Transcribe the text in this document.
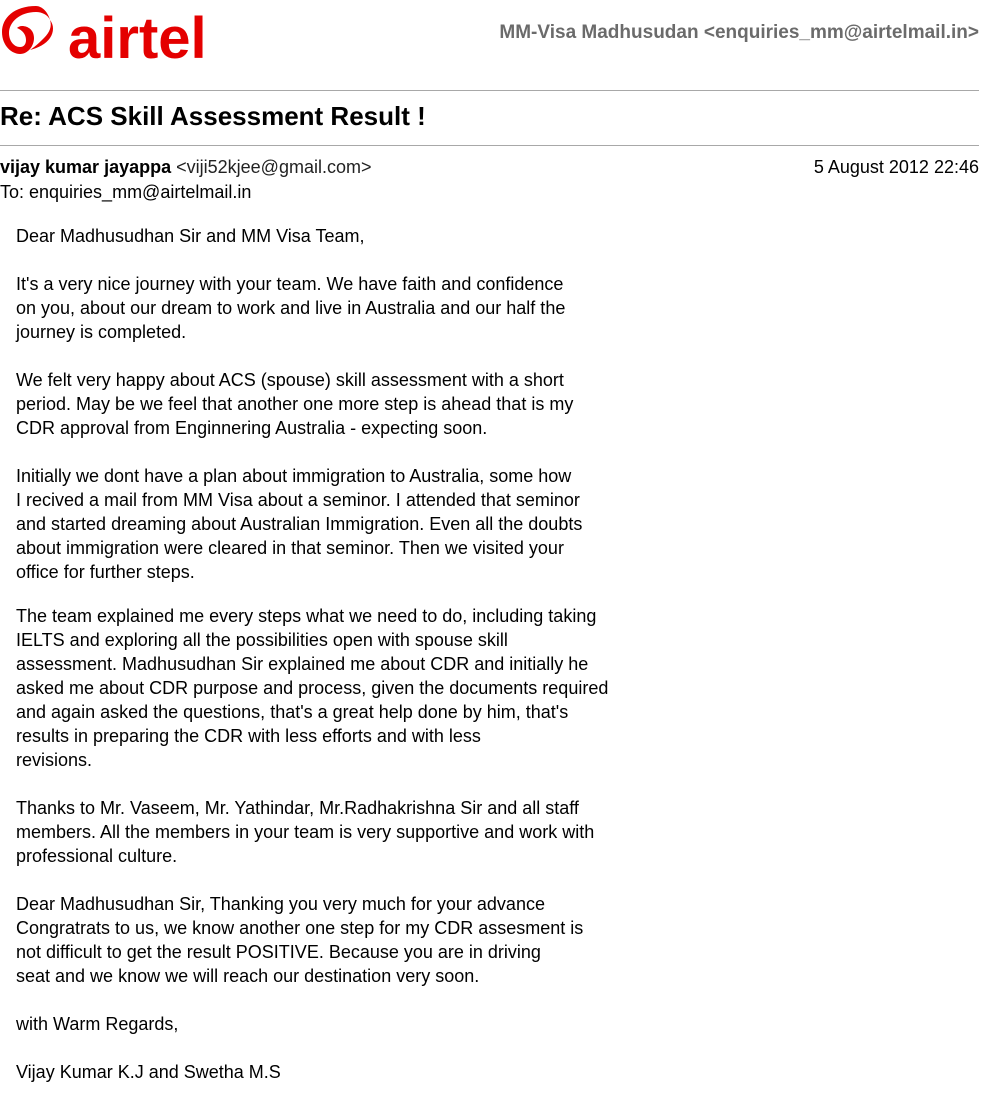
airtel	MM-Visa Madhusudan <enquiries_mm@airtelmail.in>
Re: ACS Skill Assessment Result !
vijay kumar jayappa <viji52kjee@gmail.com>	5 August 2012 22:46
To: enquiries_mm@airtelmail.in

Dear Madhusudhan Sir and MM Visa Team,

It's a very nice journey with your team. We have faith and confidence
on you, about our dream to work and live in Australia and our half the
journey is completed.

We felt very happy about ACS (spouse) skill assessment with a short
period. May be we feel that another one more step is ahead that is my
CDR approval from Enginnering Australia - expecting soon.

Initially we dont have a plan about immigration to Australia, some how
I recived a mail from MM Visa about a seminor. I attended that seminor
and started dreaming about Australian Immigration. Even all the doubts
about immigration were cleared in that seminor. Then we visited your
office for further steps.

The team explained me every steps what we need to do, including taking
IELTS and exploring all the possibilities open with spouse skill
assessment. Madhusudhan Sir explained me about CDR and initially he
asked me about CDR purpose and process, given the documents required
and again asked the questions, that's a great help done by him, that's
results in preparing the CDR with less efforts and with less
revisions.

Thanks to Mr. Vaseem, Mr. Yathindar, Mr.Radhakrishna Sir and all staff
members. All the members in your team is very supportive and work with
professional culture.

Dear Madhusudhan Sir, Thanking you very much for your advance
Congratrats to us, we know another one step for my CDR assesment is
not difficult to get the result POSITIVE. Because you are in driving
seat and we know we will reach our destination very soon.

with Warm Regards,

Vijay Kumar K.J and Swetha M.S
